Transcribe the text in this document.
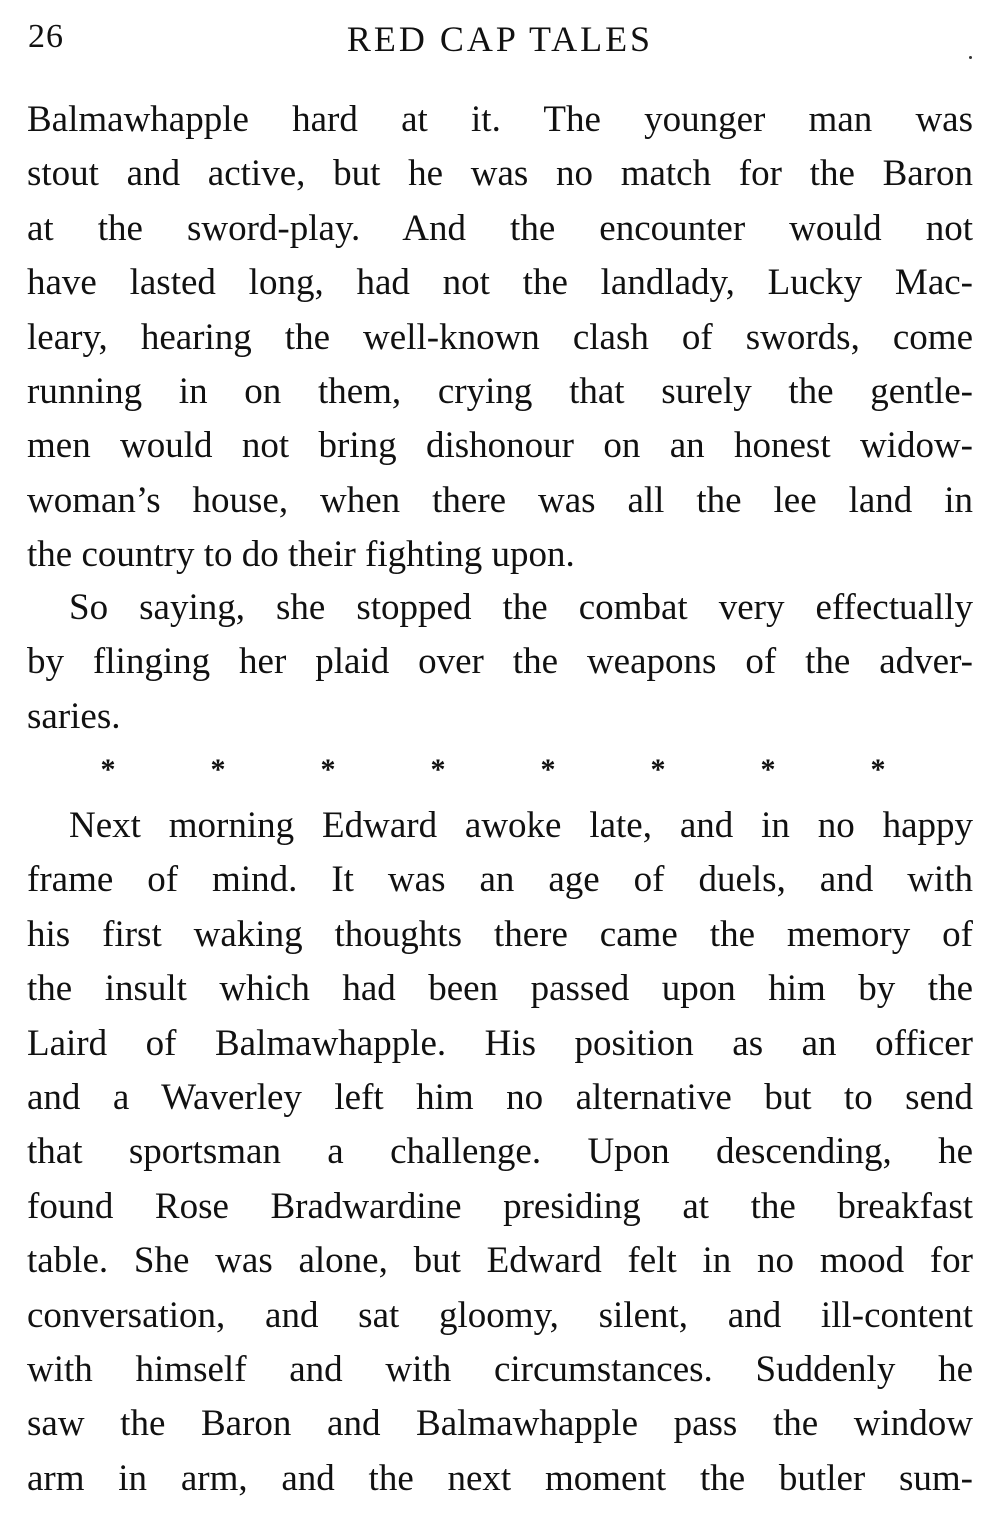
26	RED CAP TALES
Balmawhapple hard at it. The younger man was
stout and active, but he was no match for the Baron
at the sword-play. And the encounter would not
have lasted long, had not the landlady, Lucky Mac-
leary, hearing the well-known clash of swords, come
running in on them, crying that surely the gentle-
men would not bring dishonour on an honest widow-
woman’s house, when there was all the lee land in
the country to do their fighting upon.
So saying, she stopped the combat very effectually
by flinging her plaid over the weapons of the adver-
saries.
*	*	*	*	*	*	*	*
Next morning Edward awoke late, and in no happy
frame of mind. It was an age of duels, and with
his first waking thoughts there came the memory of
the insult which had been passed upon him by the
Laird of Balmawhapple. His position as an officer
and a Waverley left him no alternative but to send
that sportsman a challenge. Upon descending, he
found Rose Bradwardine presiding at the breakfast
table. She was alone, but Edward felt in no mood for
conversation, and sat gloomy, silent, and ill-content
with himself and with circumstances. Suddenly he
saw the Baron and Balmawhapple pass the window
arm in arm, and the next moment the butler sum-
